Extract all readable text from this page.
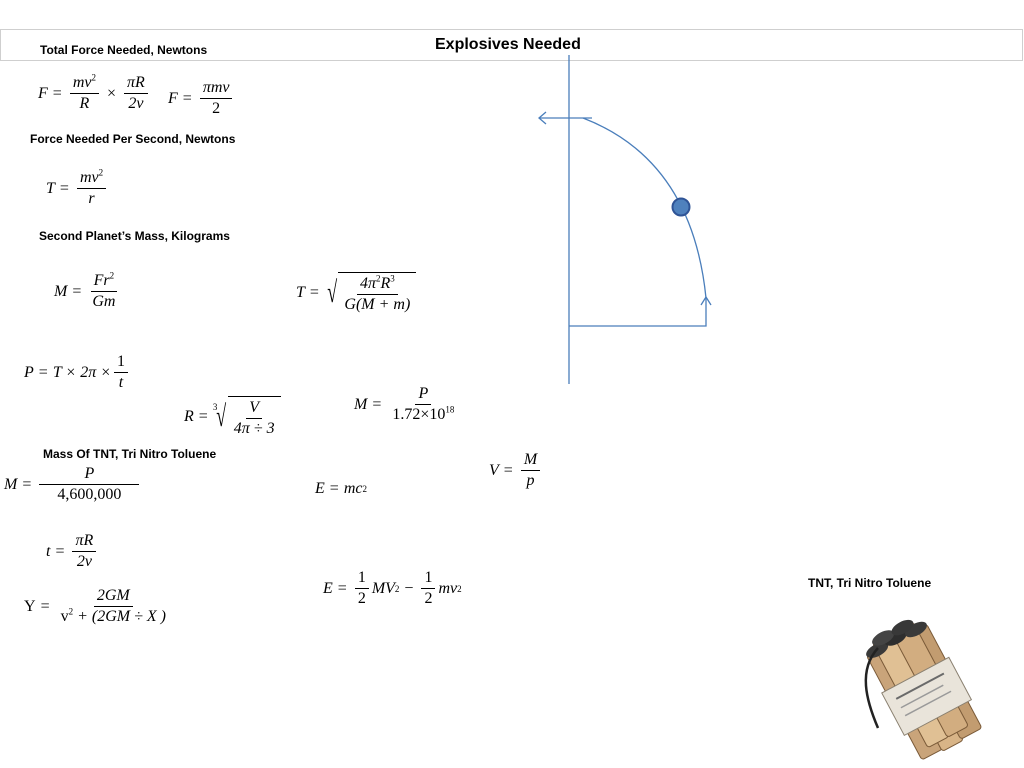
Total Force Needed, Newtons	Explosives Needed
$F = \frac{mv^2}{R} \times \frac{\pi R}{2v}$ $F = \frac{\text{πmv}}{2}$
Force Needed Per Second, Newtons
$T = \frac{mv^2}{r}$
Second Planet’s Mass, Kilograms
$M = \frac{Fr^2}{Gm}$	T = √ $\frac{4\pi^2R^3}{G(M + m)}$
$P = T \times 2\pi \times \frac{1}{t}$
R =
3 √ $\frac{V}{4\pi \div 3}$	$M = \frac{P}{1.72\times 10^{18}}$
Mass Of TNT, Tri Nitro Toluene
$M = \frac{P}{4,600,000}$	E = mc 2
$V = \frac{M}{p}$
$t = \frac{\pi R}{2v}$
$Y = \frac{2GM}{v^2 + (2GM \div X )}$	$E = \frac{1}{2}$ MV $2 - \frac{1}{2}$ mv 2	TNT, Tri Nitro Toluene
